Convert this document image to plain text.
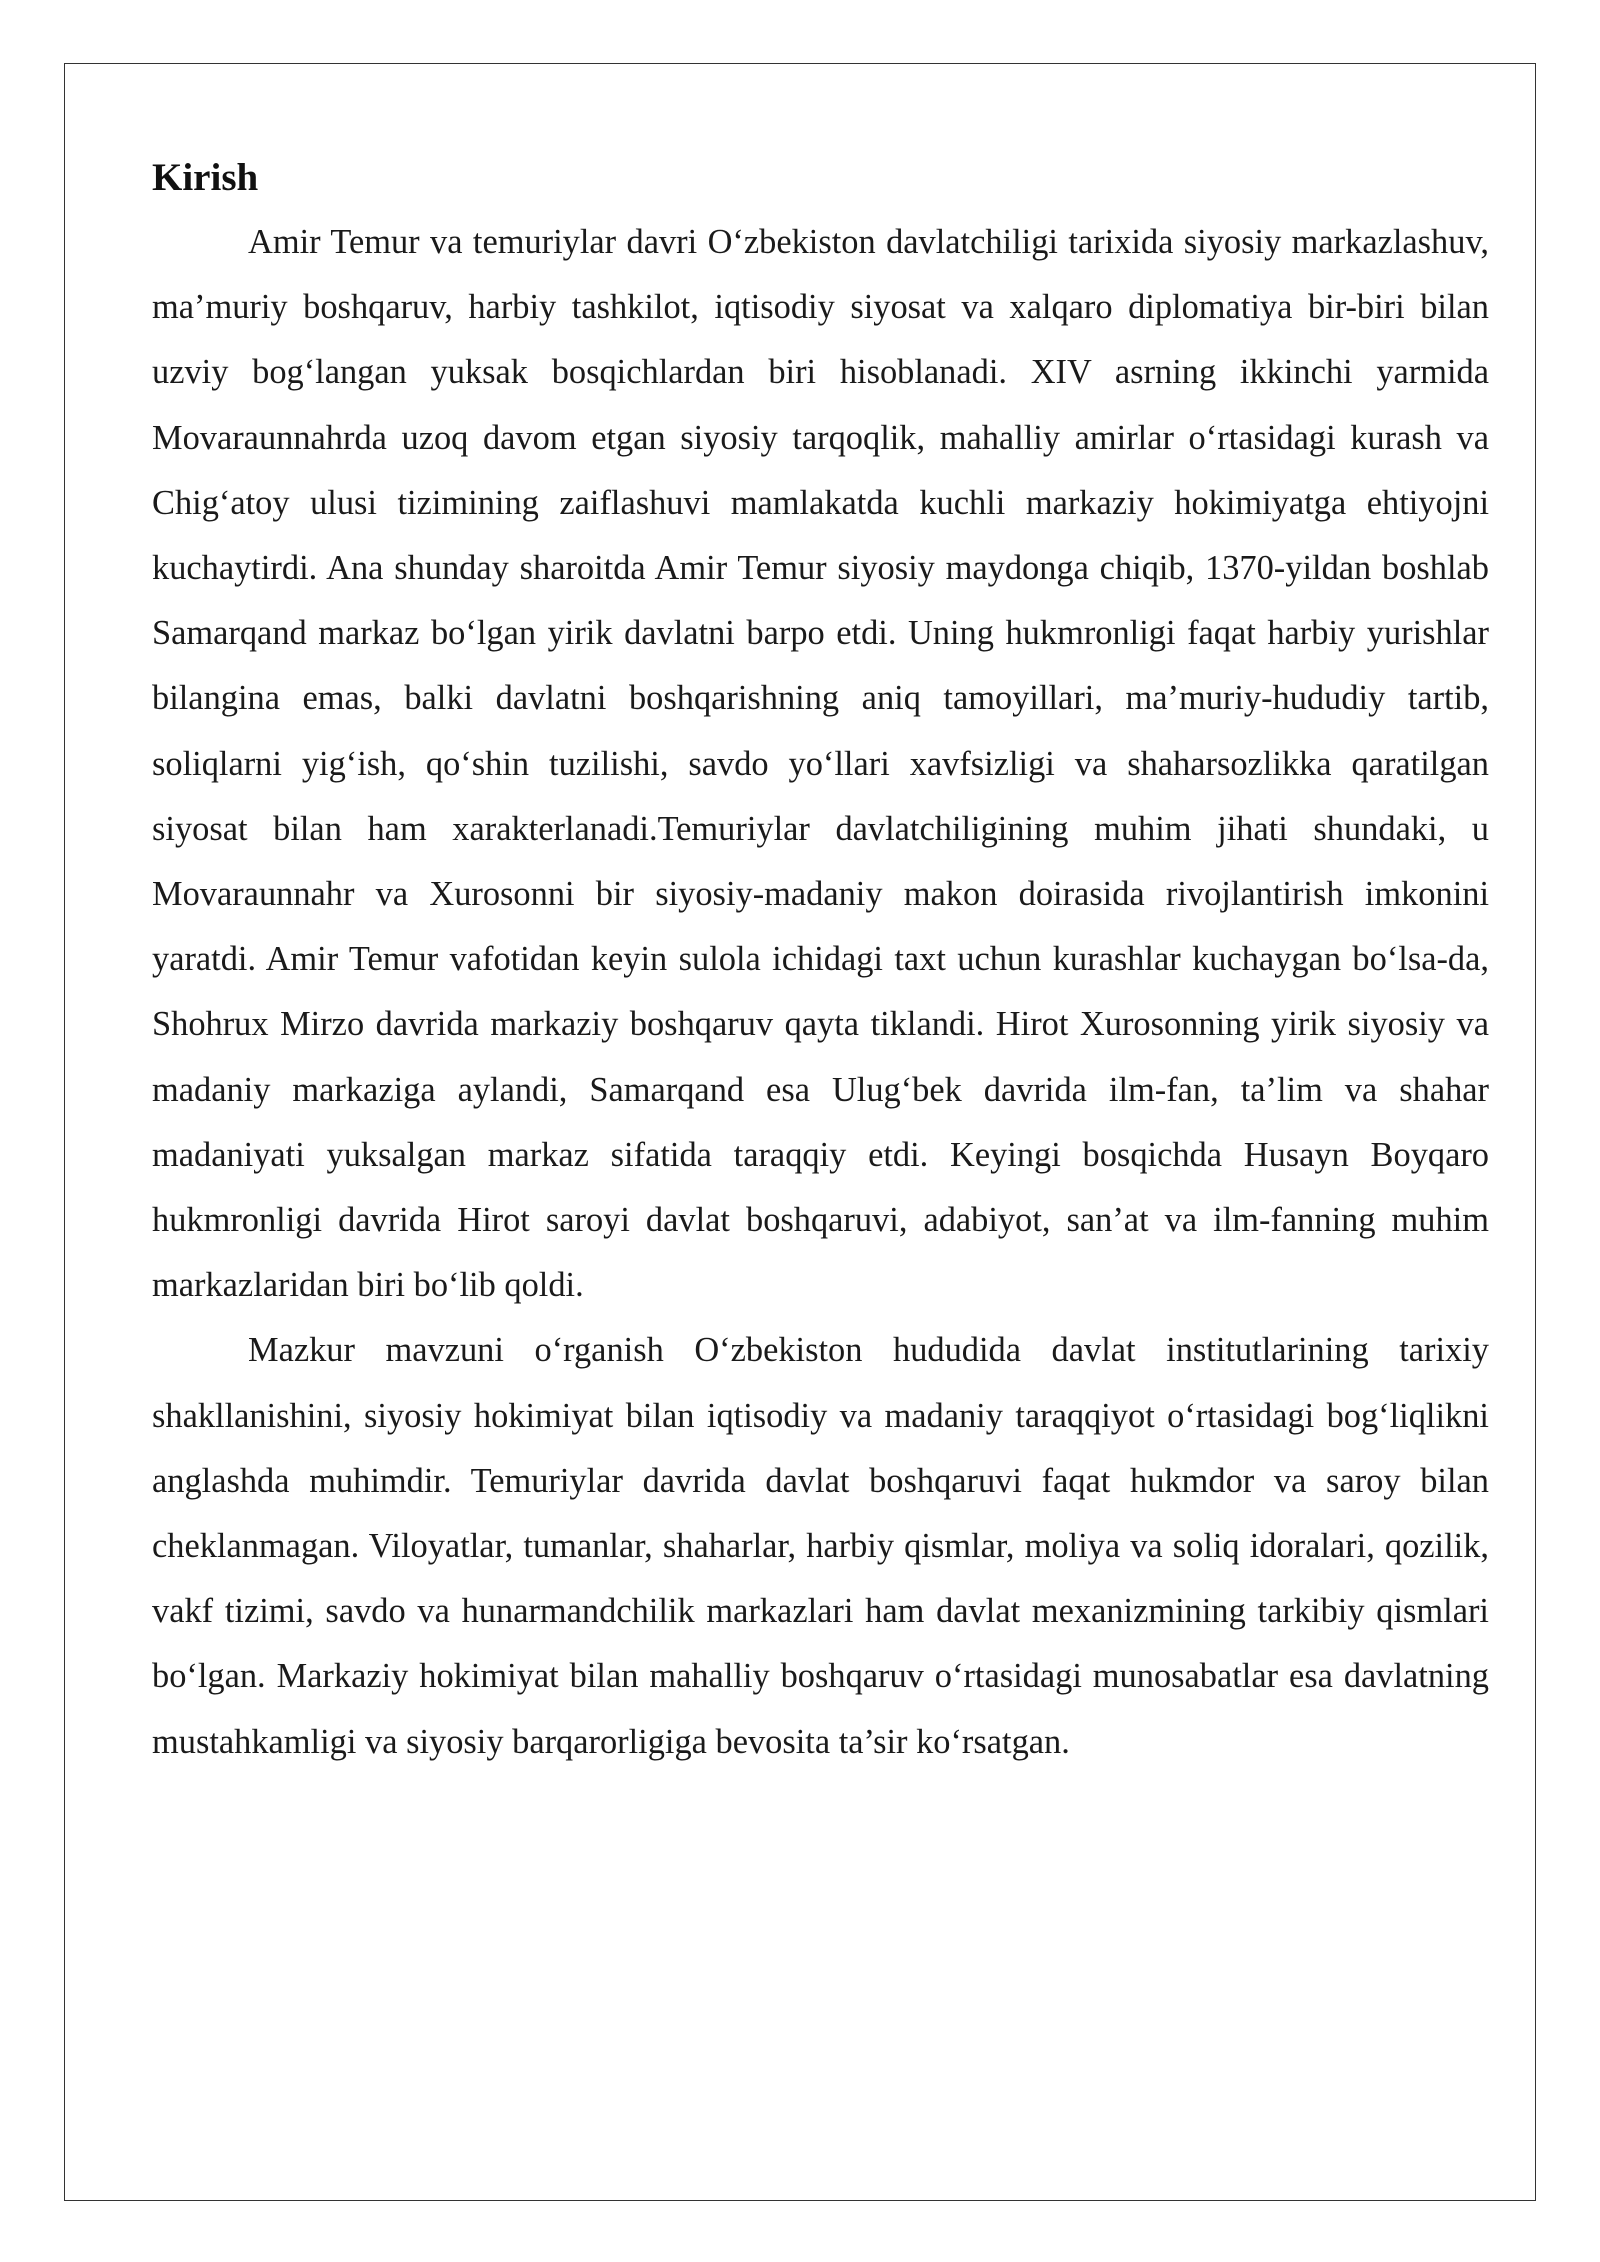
Kirish

Amir Temur va temuriylar davri O‘zbekiston davlatchiligi tarixida siyosiy markazlashuv, ma’muriy boshqaruv, harbiy tashkilot, iqtisodiy siyosat va xalqaro diplomatiya bir-biri bilan uzviy bog‘langan yuksak bosqichlardan biri hisoblanadi. XIV asrning ikkinchi yarmida Movaraunnahrda uzoq davom etgan siyosiy tarqoqlik, mahalliy amirlar o‘rtasidagi kurash va Chig‘atoy ulusi tizimining zaiflashuvi mamlakatda kuchli markaziy hokimiyatga ehtiyojni kuchaytirdi. Ana shunday sharoitda Amir Temur siyosiy maydonga chiqib, 1370-yildan boshlab Samarqand markaz bo‘lgan yirik davlatni barpo etdi. Uning hukmronligi faqat harbiy yurishlar bilangina emas, balki davlatni boshqarishning aniq tamoyillari, ma’muriy-hududiy tartib, soliqlarni yig‘ish, qo‘shin tuzilishi, savdo yo‘llari xavfsizligi va shaharsozlikka qaratilgan siyosat bilan ham xarakterlanadi.Temuriylar davlatchiligining muhim jihati shundaki, u Movaraunnahr va Xurosonni bir siyosiy-madaniy makon doirasida rivojlantirish imkonini yaratdi. Amir Temur vafotidan keyin sulola ichidagi taxt uchun kurashlar kuchaygan bo‘lsa-da, Shohrux Mirzo davrida markaziy boshqaruv qayta tiklandi. Hirot Xurosonning yirik siyosiy va madaniy markaziga aylandi, Samarqand esa Ulug‘bek davrida ilm-fan, ta’lim va shahar madaniyati yuksalgan markaz sifatida taraqqiy etdi. Keyingi bosqichda Husayn Boyqaro hukmronligi davrida Hirot saroyi davlat boshqaruvi, adabiyot, san’at va ilm-fanning muhim markazlaridan biri bo‘lib qoldi.

Mazkur mavzuni o‘rganish O‘zbekiston hududida davlat institutlarining tarixiy shakllanishini, siyosiy hokimiyat bilan iqtisodiy va madaniy taraqqiyot o‘rtasidagi bog‘liqlikni anglashda muhimdir. Temuriylar davrida davlat boshqaruvi faqat hukmdor va saroy bilan cheklanmagan. Viloyatlar, tumanlar, shaharlar, harbiy qismlar, moliya va soliq idoralari, qozilik, vakf tizimi, savdo va hunarmandchilik markazlari ham davlat mexanizmining tarkibiy qismlari bo‘lgan. Markaziy hokimiyat bilan mahalliy boshqaruv o‘rtasidagi munosabatlar esa davlatning mustahkamligi va siyosiy barqarorligiga bevosita ta’sir ko‘rsatgan.
